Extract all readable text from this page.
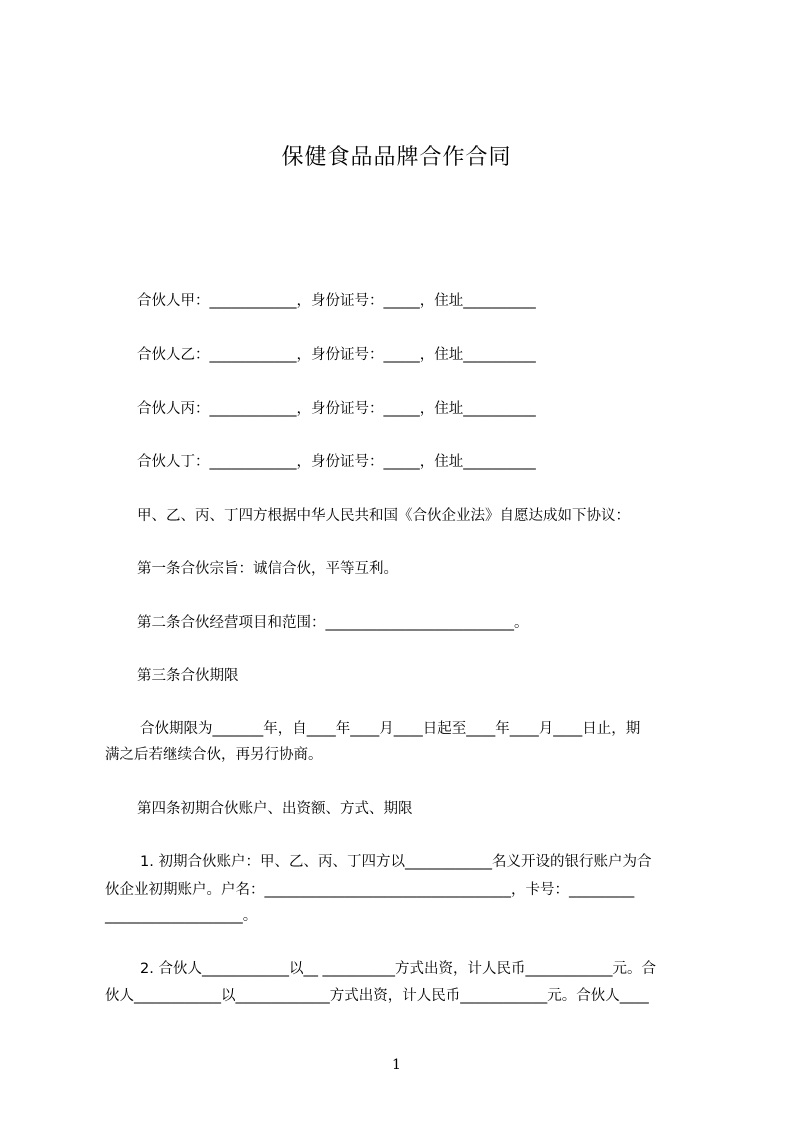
保健食品品牌合作合同
合伙人甲：____________，身份证号：_____，住址__________
合伙人乙：____________，身份证号：_____，住址__________
合伙人丙：____________，身份证号：_____，住址__________
合伙人丁：____________，身份证号：_____，住址__________
甲、乙、丙、丁四方根据中华人民共和国《合伙企业法》自愿达成如下协议：
第一条合伙宗旨：诚信合伙，平等互利。
第二条合伙经营项目和范围：__________________________。
第三条合伙期限
合伙期限为_______年，自____年____月____日起至____年____月____日止，期
满之后若继续合伙，再另行协商。
第四条初期合伙账户、出资额、方式、期限
1. 初期合伙账户：甲、乙、丙、丁四方以____________名义开设的银行账户为合
伙企业初期账户。户名：__________________________________，卡号：_________
___________________。
2. 合伙人____________以__ __________方式出资，计人民币____________元。合
伙人____________以_____________方式出资，计人民币____________元。合伙人____
1
